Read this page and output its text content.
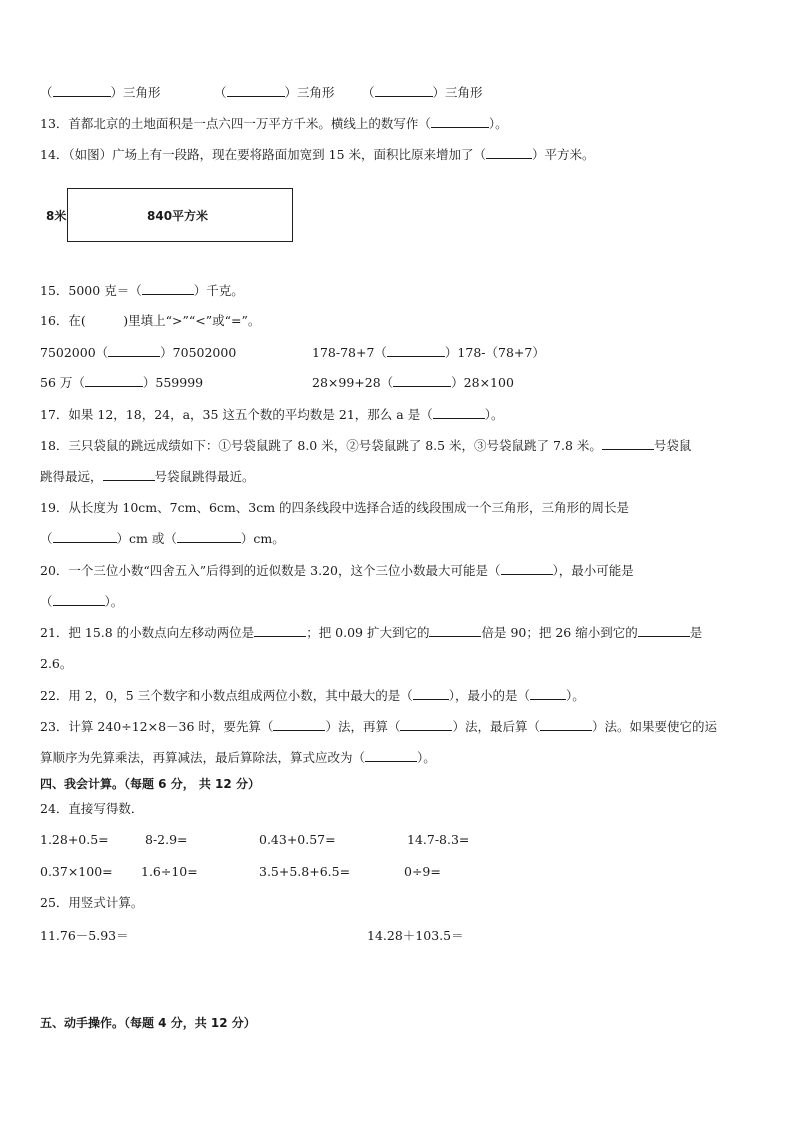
（	）三角形	（	）三角形 （	）三角形
13．首都北京的土地面积是一点六四一万平方千米。横线上的数写作（	）。
14．（如图）广场上有一段路，现在要将路面加宽到 15 米，面积比原来增加了（	）平方米。
8米	840平方米
15．5000 克＝（	）千克。
16．在(　　　)里填上“>”“<”或“=”。
7502000（	）70502000	178-78+7（	）178-（78+7）
56 万（	）559999	28×99+28（	）28×100
17．如果 12，18，24，a，35 这五个数的平均数是 21，那么 a 是（	）。
18．三只袋鼠的跳远成绩如下：①号袋鼠跳了 8.0 米，②号袋鼠跳了 8.5 米，③号袋鼠跳了 7.8 米。	号袋鼠
跳得最远，	号袋鼠跳得最近。
19．从长度为 10cm、7cm、6cm、3cm 的四条线段中选择合适的线段围成一个三角形，三角形的周长是
（	）cm 或（	）cm。
20．一个三位小数“四舍五入”后得到的近似数是 3.20，这个三位小数最大可能是（	），最小可能是
（	）。
21．把 15.8 的小数点向左移动两位是	；把 0.09 扩大到它的	倍是 90；把 26 缩小到它的	是
2.6。
22．用 2，0，5 三个数字和小数点组成两位小数，其中最大的是（	），最小的是（	）。
23．计算 240÷12×8－36 时，要先算（	）法，再算（	）法，最后算（	）法。如果要使它的运
算顺序为先算乘法，再算减法，最后算除法，算式应改为（	）。
四、我会计算。（每题 6 分， 共 12 分）
24．直接写得数．
1.28+0.5=	8-2.9=	0.43+0.57=	14.7-8.3=
0.37×100= 1.6÷10=	3.5+5.8+6.5=	0÷9=
25．用竖式计算。
11.76－5.93＝	14.28＋103.5＝
五、动手操作。（每题 4 分，共 12 分）
